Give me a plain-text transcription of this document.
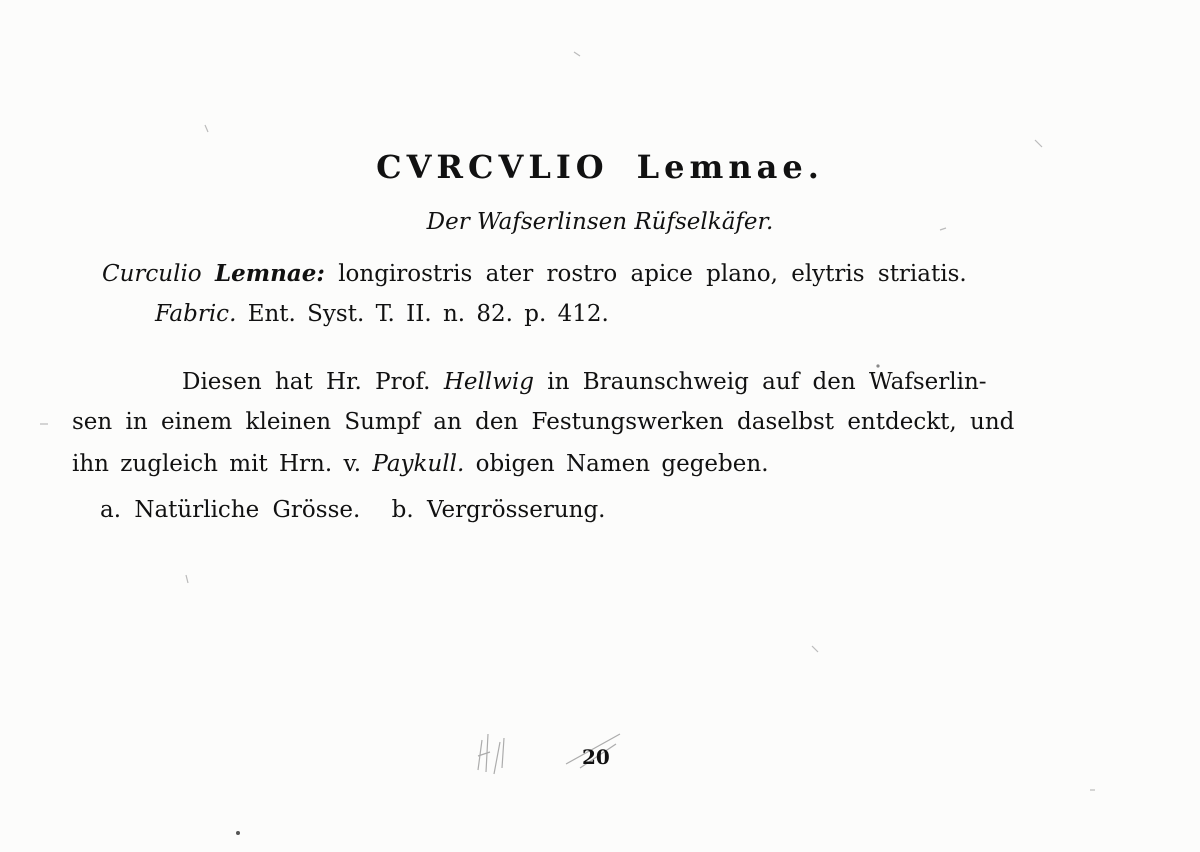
CVRCVLIO Lemnae.
Der Wafserlinsen Rüfselkäfer.
Curculio Lemnae: longirostris ater rostro apice plano, elytris striatis.
Fabric. Ent. Syst. T. II. n. 82. p. 412.
Diesen hat Hr. Prof. Hellwig in Braunschweig auf den Wafserlin-
sen in einem kleinen Sumpf an den Festungswerken daselbst entdeckt, und
ihn zugleich mit Hrn. v. Paykull. obigen Namen gegeben.
a. Natürliche Grösse. b. Vergrösserung.
20
